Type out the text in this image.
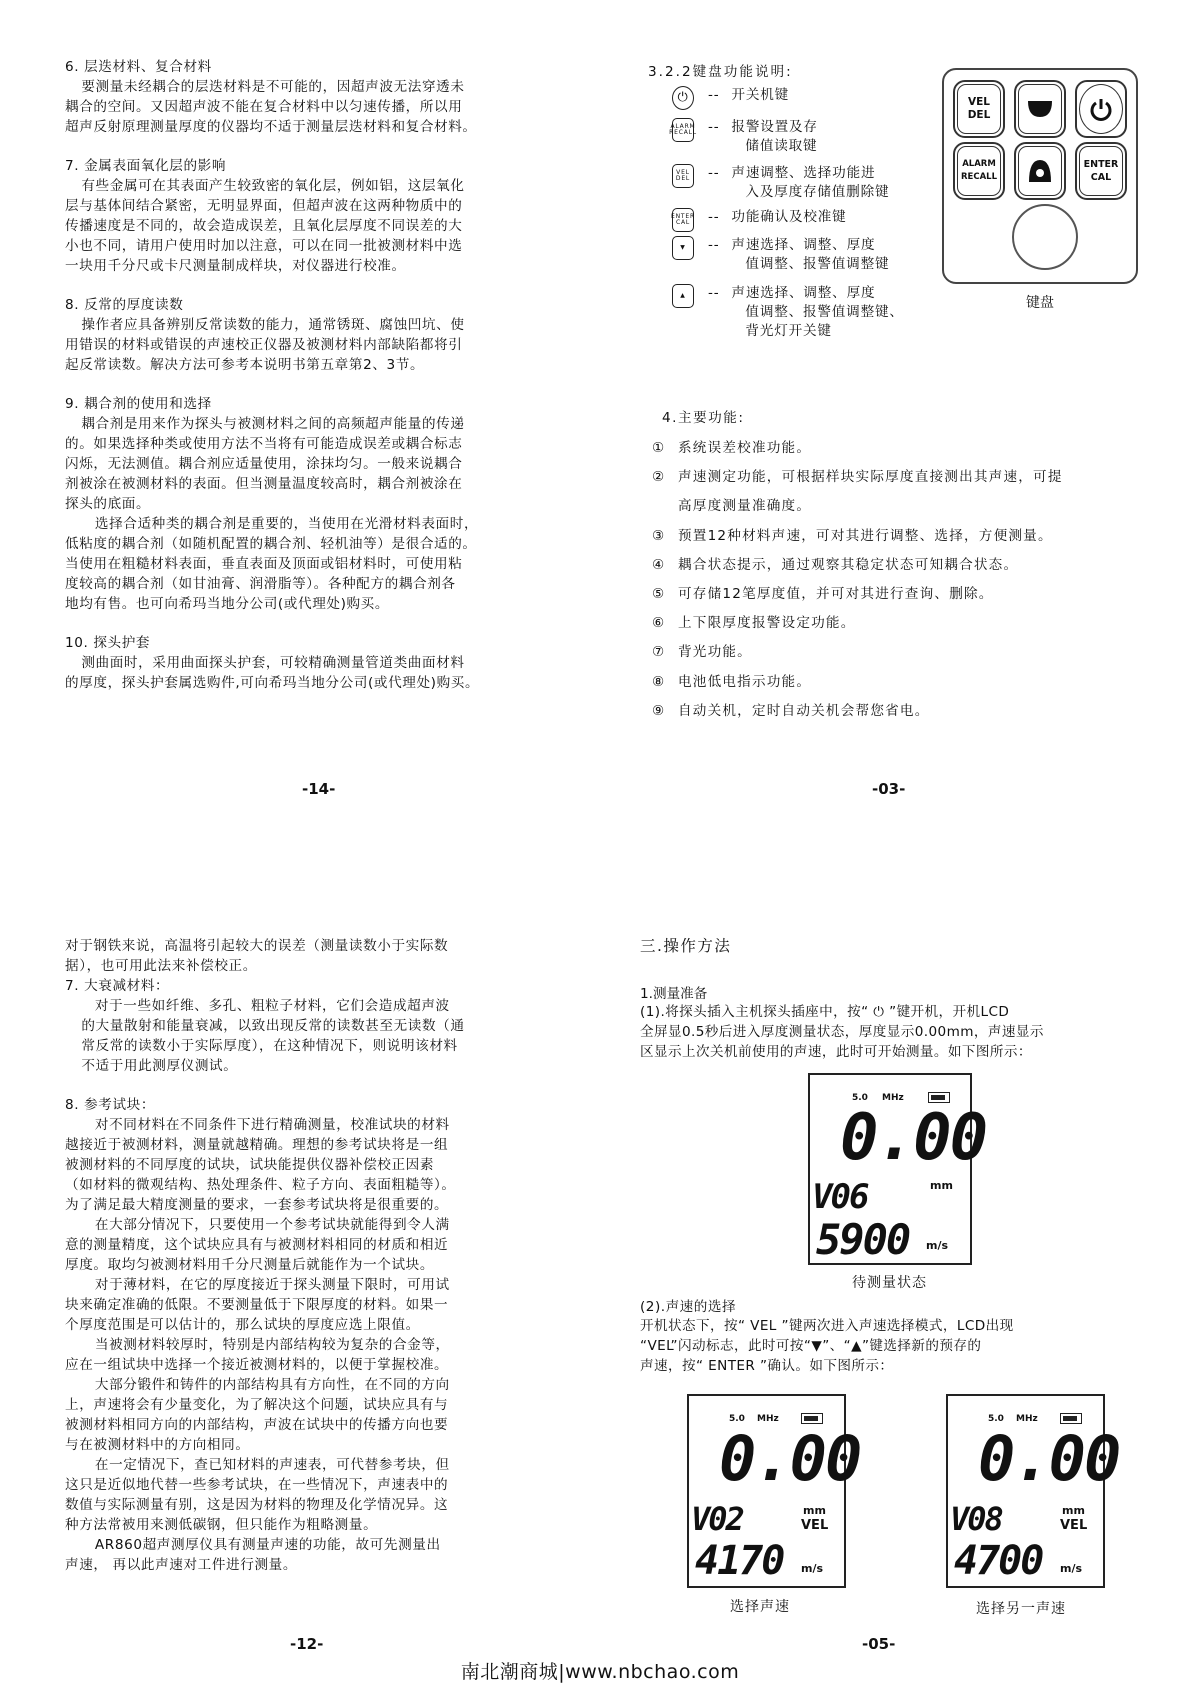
6. 层迭材料、复合材料

要测量未经耦合的层迭材料是不可能的，因超声波无法穿透未

耦合的空间。又因超声波不能在复合材料中以匀速传播，所以用

超声反射原理测量厚度的仪器均不适于测量层迭材料和复合材料。

7. 金属表面氧化层的影响

有些金属可在其表面产生较致密的氧化层，例如铝，这层氧化

层与基体间结合紧密，无明显界面，但超声波在这两种物质中的

传播速度是不同的，故会造成误差，且氧化层厚度不同误差的大

小也不同，请用户使用时加以注意，可以在同一批被测材料中选

一块用千分尺或卡尺测量制成样块，对仪器进行校准。

8. 反常的厚度读数

操作者应具备辨别反常读数的能力，通常锈斑、腐蚀凹坑、使

用错误的材料或错误的声速校正仪器及被测材料内部缺陷都将引

起反常读数。解决方法可参考本说明书第五章第2、3节。

9. 耦合剂的使用和选择

耦合剂是用来作为探头与被测材料之间的高频超声能量的传递

的。如果选择种类或使用方法不当将有可能造成误差或耦合标志

闪烁，无法测值。耦合剂应适量使用，涂抹均匀。一般来说耦合

剂被涂在被测材料的表面。但当测量温度较高时，耦合剂被涂在

探头的底面。

选择合适种类的耦合剂是重要的，当使用在光滑材料表面时，

低粘度的耦合剂（如随机配置的耦合剂、轻机油等）是很合适的。

当使用在粗糙材料表面，垂直表面及顶面或铝材料时，可使用粘

度较高的耦合剂（如甘油膏、润滑脂等）。各种配方的耦合剂各

地均有售。也可向希玛当地分公司(或代理处)购买。

10. 探头护套

测曲面时，采用曲面探头护套，可较精确测量管道类曲面材料

的厚度，探头护套属选购件,可向希玛当地分公司(或代理处)购买。

-14-
3.2.2键盘功能说明:
⏻	-- 开关机键
ALARM RECALL -- 报警设置及存
储值读取键
VEL DEL -- 声速调整、选择功能进
入及厚度存储值删除键
ENTER CAL -- 功能确认及校准键
▼	-- 声速选择、调整、厚度
值调整、报警值调整键
▲	-- 声速选择、调整、厚度
值调整、报警值调整键、
背光灯开关键
VEL
DEL
ALARM
RECALL
ENTER
CAL
键盘
4.主要功能:
① 系统误差校准功能。
② 声速测定功能，可根据样块实际厚度直接测出其声速，可提
高厚度测量准确度。
③ 预置12种材料声速，可对其进行调整、选择，方便测量。
④ 耦合状态提示，通过观察其稳定状态可知耦合状态。
⑤ 可存储12笔厚度值，并可对其进行查询、删除。
⑥ 上下限厚度报警设定功能。
⑦ 背光功能。
⑧ 电池低电指示功能。
⑨ 自动关机，定时自动关机会帮您省电。
-03-

对于钢铁来说，高温将引起较大的误差（测量读数小于实际数

据），也可用此法来补偿校正。

7. 大衰减材料：

对于一些如纤维、多孔、粗粒子材料，它们会造成超声波

的大量散射和能量衰减，以致出现反常的读数甚至无读数（通

常反常的读数小于实际厚度），在这种情况下，则说明该材料

不适于用此测厚仪测试。

8. 参考试块：

对不同材料在不同条件下进行精确测量，校准试块的材料

越接近于被测材料，测量就越精确。理想的参考试块将是一组

被测材料的不同厚度的试块，试块能提供仪器补偿校正因素

（如材料的微观结构、热处理条件、粒子方向、表面粗糙等）。

为了满足最大精度测量的要求，一套参考试块将是很重要的。

在大部分情况下，只要使用一个参考试块就能得到令人满

意的测量精度，这个试块应具有与被测材料相同的材质和相近

厚度。取均匀被测材料用千分尺测量后就能作为一个试块。

对于薄材料，在它的厚度接近于探头测量下限时，可用试

块来确定准确的低限。不要测量低于下限厚度的材料。如果一

个厚度范围是可以估计的，那么试块的厚度应选上限值。

当被测材料较厚时，特别是内部结构较为复杂的合金等，

应在一组试块中选择一个接近被测材料的，以便于掌握校准。

大部分锻件和铸件的内部结构具有方向性，在不同的方向

上，声速将会有少量变化，为了解决这个问题，试块应具有与

被测材料相同方向的内部结构，声波在试块中的传播方向也要

与在被测材料中的方向相同。

在一定情况下，查已知材料的声速表，可代替参考块，但

这只是近似地代替一些参考试块，在一些情况下，声速表中的

数值与实际测量有别，这是因为材料的物理及化学情况异。这

种方法常被用来测低碳钢，但只能作为粗略测量。

AR860超声测厚仪具有测量声速的功能，故可先测量出

声速， 再以此声速对工件进行测量。

-12-
三.操作方法
1.测量准备

(1).将探头插入主机探头插座中，按“ ⏻ ”键开机，开机LCD

全屏显0.5秒后进入厚度测量状态，厚度显示0.00mm，声速显示

区显示上次关机前使用的声速，此时可开始测量。如下图所示：

5.0 MHz
0.00
mm
V06
5900 m/s
待测量状态
(2).声速的选择

开机状态下，按“ VEL ”键两次进入声速选择模式，LCD出现

“VEL”闪动标志，此时可按“▼”、“▲”键选择新的预存的

声速，按“ ENTER ”确认。如下图所示：

5.0 MHz
0.00
mm
VEL
V02
4170 m/s
选择声速
5.0 MHz
0.00
mm
VEL
V08
4700 m/s
选择另一声速
-05-
南北潮商城|www.nbchao.com
